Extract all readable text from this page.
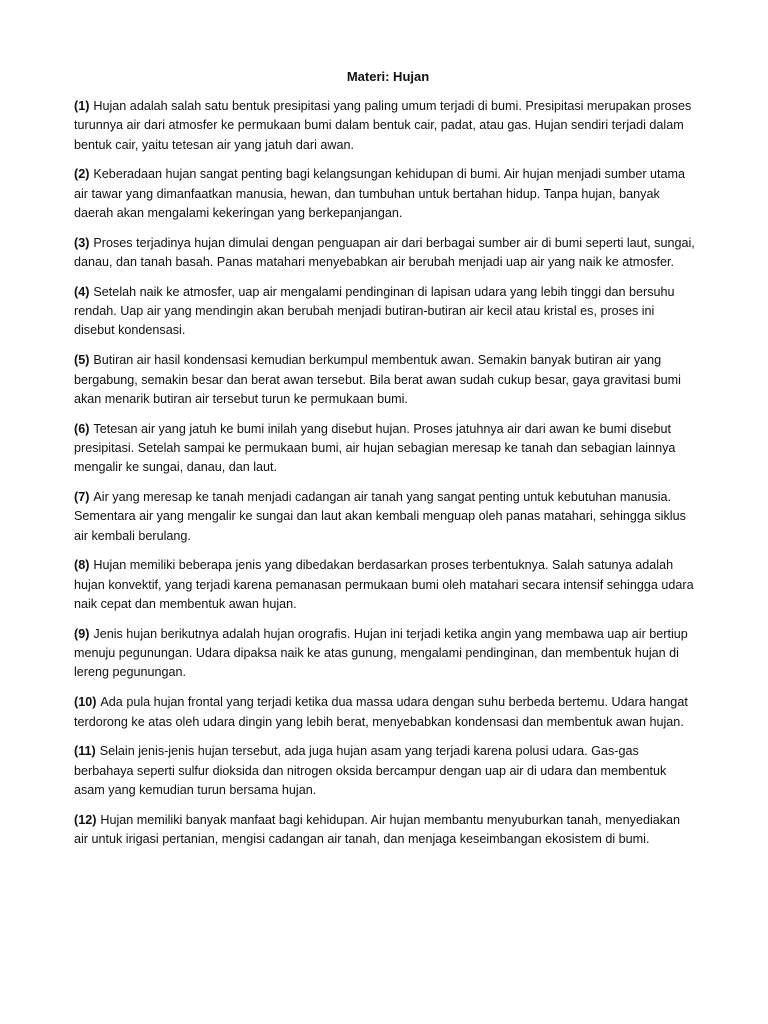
Materi: Hujan

(1) Hujan adalah salah satu bentuk presipitasi yang paling umum terjadi di bumi. Presipitasi merupakan proses turunnya air dari atmosfer ke permukaan bumi dalam bentuk cair, padat, atau gas. Hujan sendiri terjadi dalam bentuk cair, yaitu tetesan air yang jatuh dari awan.

(2) Keberadaan hujan sangat penting bagi kelangsungan kehidupan di bumi. Air hujan menjadi sumber utama air tawar yang dimanfaatkan manusia, hewan, dan tumbuhan untuk bertahan hidup. Tanpa hujan, banyak daerah akan mengalami kekeringan yang berkepanjangan.

(3) Proses terjadinya hujan dimulai dengan penguapan air dari berbagai sumber air di bumi seperti laut, sungai, danau, dan tanah basah. Panas matahari menyebabkan air berubah menjadi uap air yang naik ke atmosfer.

(4) Setelah naik ke atmosfer, uap air mengalami pendinginan di lapisan udara yang lebih tinggi dan bersuhu rendah. Uap air yang mendingin akan berubah menjadi butiran-butiran air kecil atau kristal es, proses ini disebut kondensasi.

(5) Butiran air hasil kondensasi kemudian berkumpul membentuk awan. Semakin banyak butiran air yang bergabung, semakin besar dan berat awan tersebut. Bila berat awan sudah cukup besar, gaya gravitasi bumi akan menarik butiran air tersebut turun ke permukaan bumi.

(6) Tetesan air yang jatuh ke bumi inilah yang disebut hujan. Proses jatuhnya air dari awan ke bumi disebut presipitasi. Setelah sampai ke permukaan bumi, air hujan sebagian meresap ke tanah dan sebagian lainnya mengalir ke sungai, danau, dan laut.

(7) Air yang meresap ke tanah menjadi cadangan air tanah yang sangat penting untuk kebutuhan manusia. Sementara air yang mengalir ke sungai dan laut akan kembali menguap oleh panas matahari, sehingga siklus air kembali berulang.

(8) Hujan memiliki beberapa jenis yang dibedakan berdasarkan proses terbentuknya. Salah satunya adalah hujan konvektif, yang terjadi karena pemanasan permukaan bumi oleh matahari secara intensif sehingga udara naik cepat dan membentuk awan hujan.

(9) Jenis hujan berikutnya adalah hujan orografis. Hujan ini terjadi ketika angin yang membawa uap air bertiup menuju pegunungan. Udara dipaksa naik ke atas gunung, mengalami pendinginan, dan membentuk hujan di lereng pegunungan.

(10) Ada pula hujan frontal yang terjadi ketika dua massa udara dengan suhu berbeda bertemu. Udara hangat terdorong ke atas oleh udara dingin yang lebih berat, menyebabkan kondensasi dan membentuk awan hujan.

(11) Selain jenis-jenis hujan tersebut, ada juga hujan asam yang terjadi karena polusi udara. Gas-gas berbahaya seperti sulfur dioksida dan nitrogen oksida bercampur dengan uap air di udara dan membentuk asam yang kemudian turun bersama hujan.

(12) Hujan memiliki banyak manfaat bagi kehidupan. Air hujan membantu menyuburkan tanah, menyediakan air untuk irigasi pertanian, mengisi cadangan air tanah, dan menjaga keseimbangan ekosistem di bumi.
